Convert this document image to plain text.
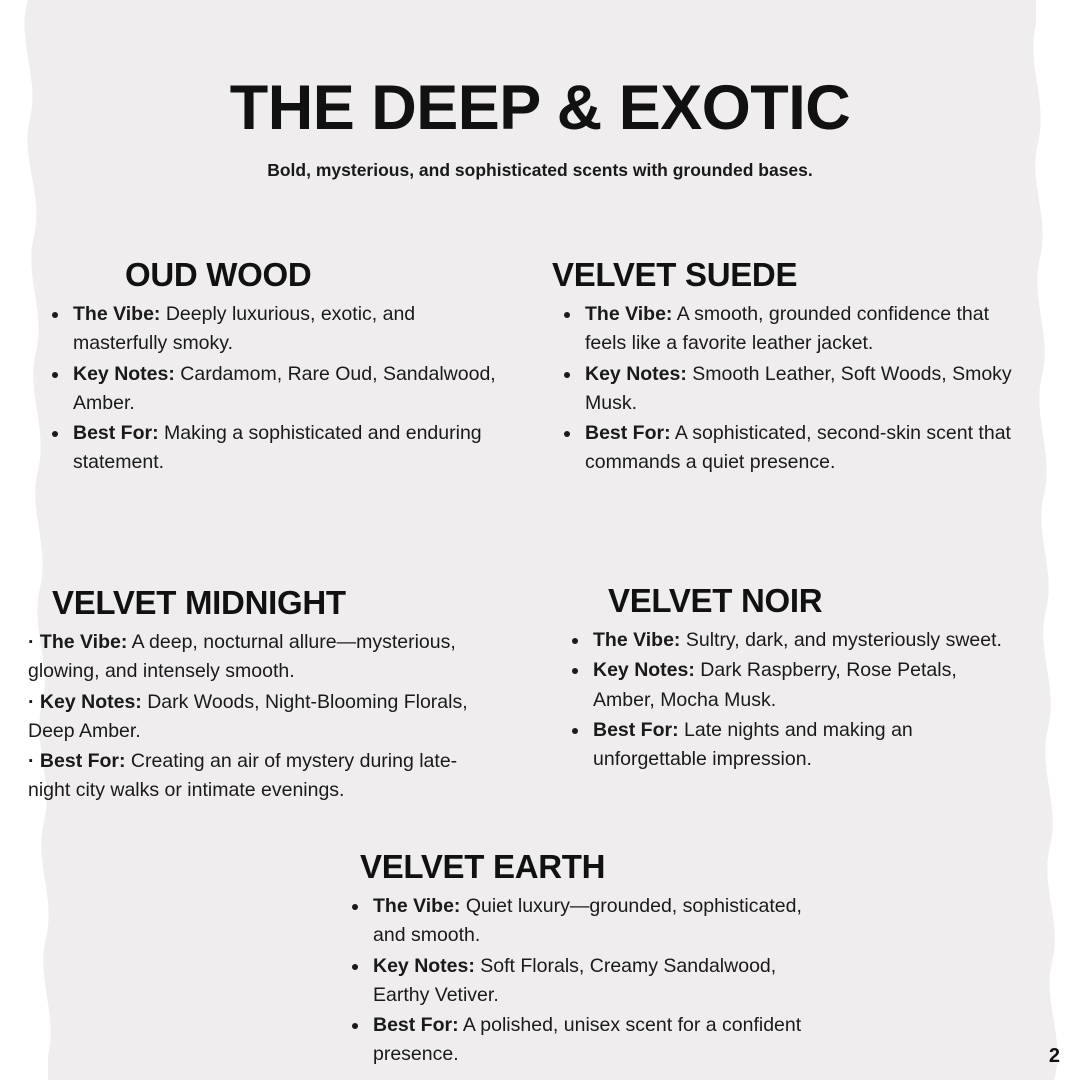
THE DEEP & EXOTIC
Bold, mysterious, and sophisticated scents with grounded bases.
OUD WOOD
• The Vibe: Deeply luxurious, exotic, and masterfully smoky.
• Key Notes: Cardamom, Rare Oud, Sandalwood, Amber.
• Best For: Making a sophisticated and enduring statement.
VELVET SUEDE
• The Vibe: A smooth, grounded confidence that feels like a favorite leather jacket.
• Key Notes: Smooth Leather, Soft Woods, Smoky Musk.
• Best For: A sophisticated, second-skin scent that commands a quiet presence.
VELVET MIDNIGHT
· The Vibe: A deep, nocturnal allure—mysterious, glowing, and intensely smooth.
· Key Notes: Dark Woods, Night-Blooming Florals, Deep Amber.
· Best For: Creating an air of mystery during late-night city walks or intimate evenings.
VELVET NOIR
• The Vibe: Sultry, dark, and mysteriously sweet.
• Key Notes: Dark Raspberry, Rose Petals, Amber, Mocha Musk.
• Best For: Late nights and making an unforgettable impression.
VELVET EARTH
• The Vibe: Quiet luxury—grounded, sophisticated, and smooth.
• Key Notes: Soft Florals, Creamy Sandalwood, Earthy Vetiver.
• Best For: A polished, unisex scent for a confident presence.	2
